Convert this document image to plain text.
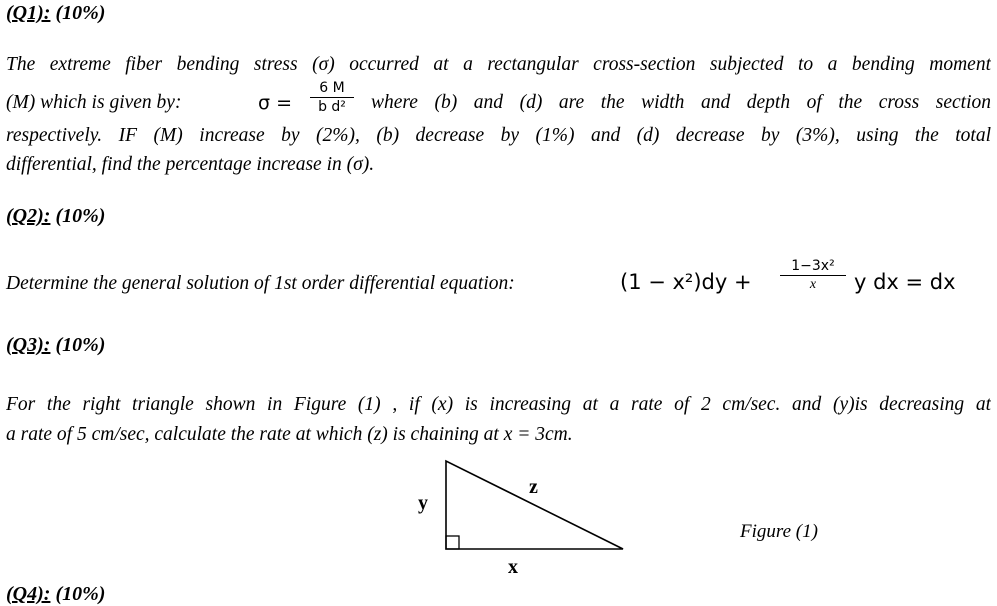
(Q1): (10%)
The extreme fiber bending stress (σ) occurred at a rectangular cross-section subjected to a bending moment
(M) which is given by:	σ =
6 M
b d²	where (b) and (d) are the width and depth of the cross section
respectively. IF (M) increase by (2%), (b) decrease by (1%) and (d) decrease by (3%), using the total
differential, find the percentage increase in (σ).
(Q2): (10%)
Determine the general solution of 1st order differential equation:	(1 − x²)dy +
1−3x²
x	y dx = dx
(Q3): (10%)
For the right triangle shown in Figure (1) , if (x) is increasing at a rate of 2 cm/sec. and (y)is decreasing at
a rate of 5 cm/sec, calculate the rate at which (z) is chaining at x = 3cm.
y
z
x
Figure (1)
(Q4): (10%)
